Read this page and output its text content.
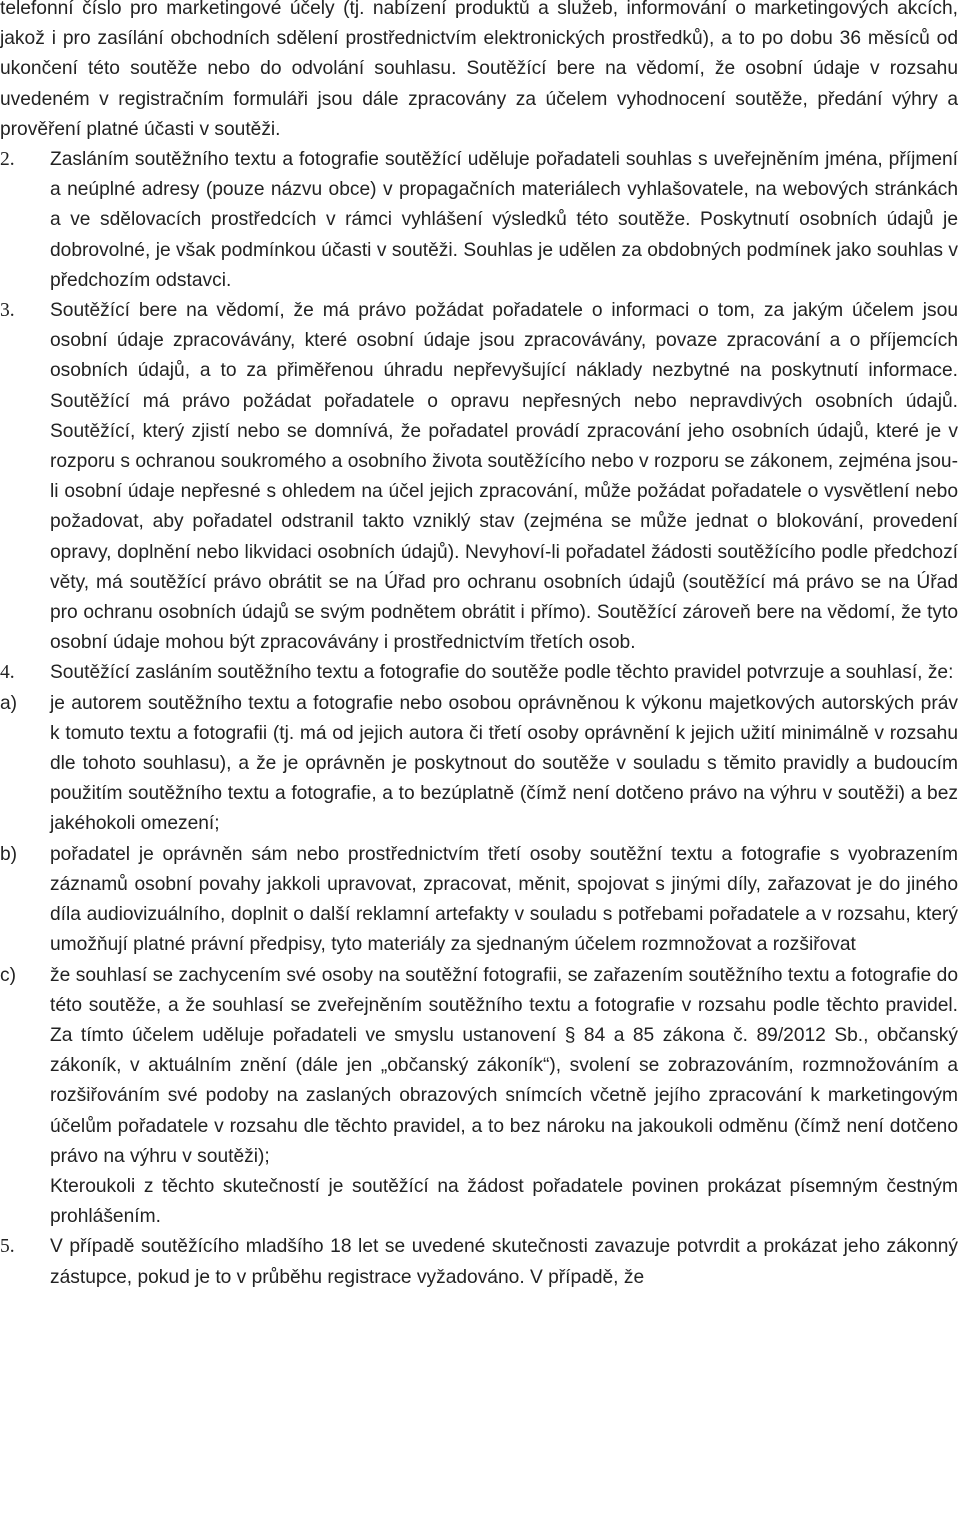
telefonní číslo pro marketingové účely (tj. nabízení produktů a služeb, informování o marketingových akcích, jakož i pro zasílání obchodních sdělení prostřednictvím elektronických prostředků), a to po dobu 36 měsíců od ukončení této soutěže nebo do odvolání souhlasu. Soutěžící bere na vědomí, že osobní údaje v rozsahu uvedeném v registračním formuláři jsou dále zpracovány za účelem vyhodnocení soutěže, předání výhry a prověření platné účasti v soutěži.

2. Zasláním soutěžního textu a fotografie soutěžící uděluje pořadateli souhlas s uveřejněním jména, příjmení a neúplné adresy (pouze názvu obce) v propagačních materiálech vyhlašovatele, na webových stránkách a ve sdělovacích prostředcích v rámci vyhlášení výsledků této soutěže. Poskytnutí osobních údajů je dobrovolné, je však podmínkou účasti v soutěži. Souhlas je udělen za obdobných podmínek jako souhlas v předchozím odstavci.

3. Soutěžící bere na vědomí, že má právo požádat pořadatele o informaci o tom, za jakým účelem jsou osobní údaje zpracovávány, které osobní údaje jsou zpracovávány, povaze zpracování a o příjemcích osobních údajů, a to za přiměřenou úhradu nepřevyšující náklady nezbytné na poskytnutí informace. Soutěžící má právo požádat pořadatele o opravu nepřesných nebo nepravdivých osobních údajů. Soutěžící, který zjistí nebo se domnívá, že pořadatel provádí zpracování jeho osobních údajů, které je v rozporu s ochranou soukromého a osobního života soutěžícího nebo v rozporu se zákonem, zejména jsou-li osobní údaje nepřesné s ohledem na účel jejich zpracování, může požádat pořadatele o vysvětlení nebo požadovat, aby pořadatel odstranil takto vzniklý stav (zejména se může jednat o blokování, provedení opravy, doplnění nebo likvidaci osobních údajů). Nevyhoví-li pořadatel žádosti soutěžícího podle předchozí věty, má soutěžící právo obrátit se na Úřad pro ochranu osobních údajů (soutěžící má právo se na Úřad pro ochranu osobních údajů se svým podnětem obrátit i přímo). Soutěžící zároveň bere na vědomí, že tyto osobní údaje mohou být zpracovávány i prostřednictvím třetích osob.

4. Soutěžící zasláním soutěžního textu a fotografie do soutěže podle těchto pravidel potvrzuje a souhlasí, že:

a)	je autorem soutěžního textu a fotografie nebo osobou oprávněnou k výkonu majetkových autorských práv k tomuto textu a fotografii (tj. má od jejich autora či třetí osoby oprávnění k jejich užití minimálně v rozsahu dle tohoto souhlasu), a že je oprávněn je poskytnout do soutěže v souladu s těmito pravidly a budoucím použitím soutěžního textu a fotografie, a to bezúplatně (čímž není dotčeno právo na výhru v soutěži) a bez jakéhokoli omezení;

b)	pořadatel je oprávněn sám nebo prostřednictvím třetí osoby soutěžní textu a fotografie s vyobrazením záznamů osobní povahy jakkoli upravovat, zpracovat, měnit, spojovat s jinými díly, zařazovat je do jiného díla audiovizuálního, doplnit o další reklamní artefakty v souladu s potřebami pořadatele a v rozsahu, který umožňují platné právní předpisy, tyto materiály za sjednaným účelem rozmnožovat a rozšiřovat

c)	že souhlasí se zachycením své osoby na soutěžní fotografii, se zařazením soutěžního textu a fotografie do této soutěže, a že souhlasí se zveřejněním soutěžního textu a fotografie v rozsahu podle těchto pravidel. Za tímto účelem uděluje pořadateli ve smyslu ustanovení § 84 a 85 zákona č. 89/2012 Sb., občanský zákoník, v aktuálním znění (dále jen „občanský zákoník“), svolení se zobrazováním, rozmnožováním a rozšiřováním své podoby na zaslaných obrazových snímcích včetně jejího zpracování k marketingovým účelům pořadatele v rozsahu dle těchto pravidel, a to bez nároku na jakoukoli odměnu (čímž není dotčeno právo na výhru v soutěži);

Kteroukoli z těchto skutečností je soutěžící na žádost pořadatele povinen prokázat písemným čestným prohlášením.

5. V případě soutěžícího mladšího 18 let se uvedené skutečnosti zavazuje potvrdit a prokázat jeho zákonný zástupce, pokud je to v průběhu registrace vyžadováno. V případě, že
